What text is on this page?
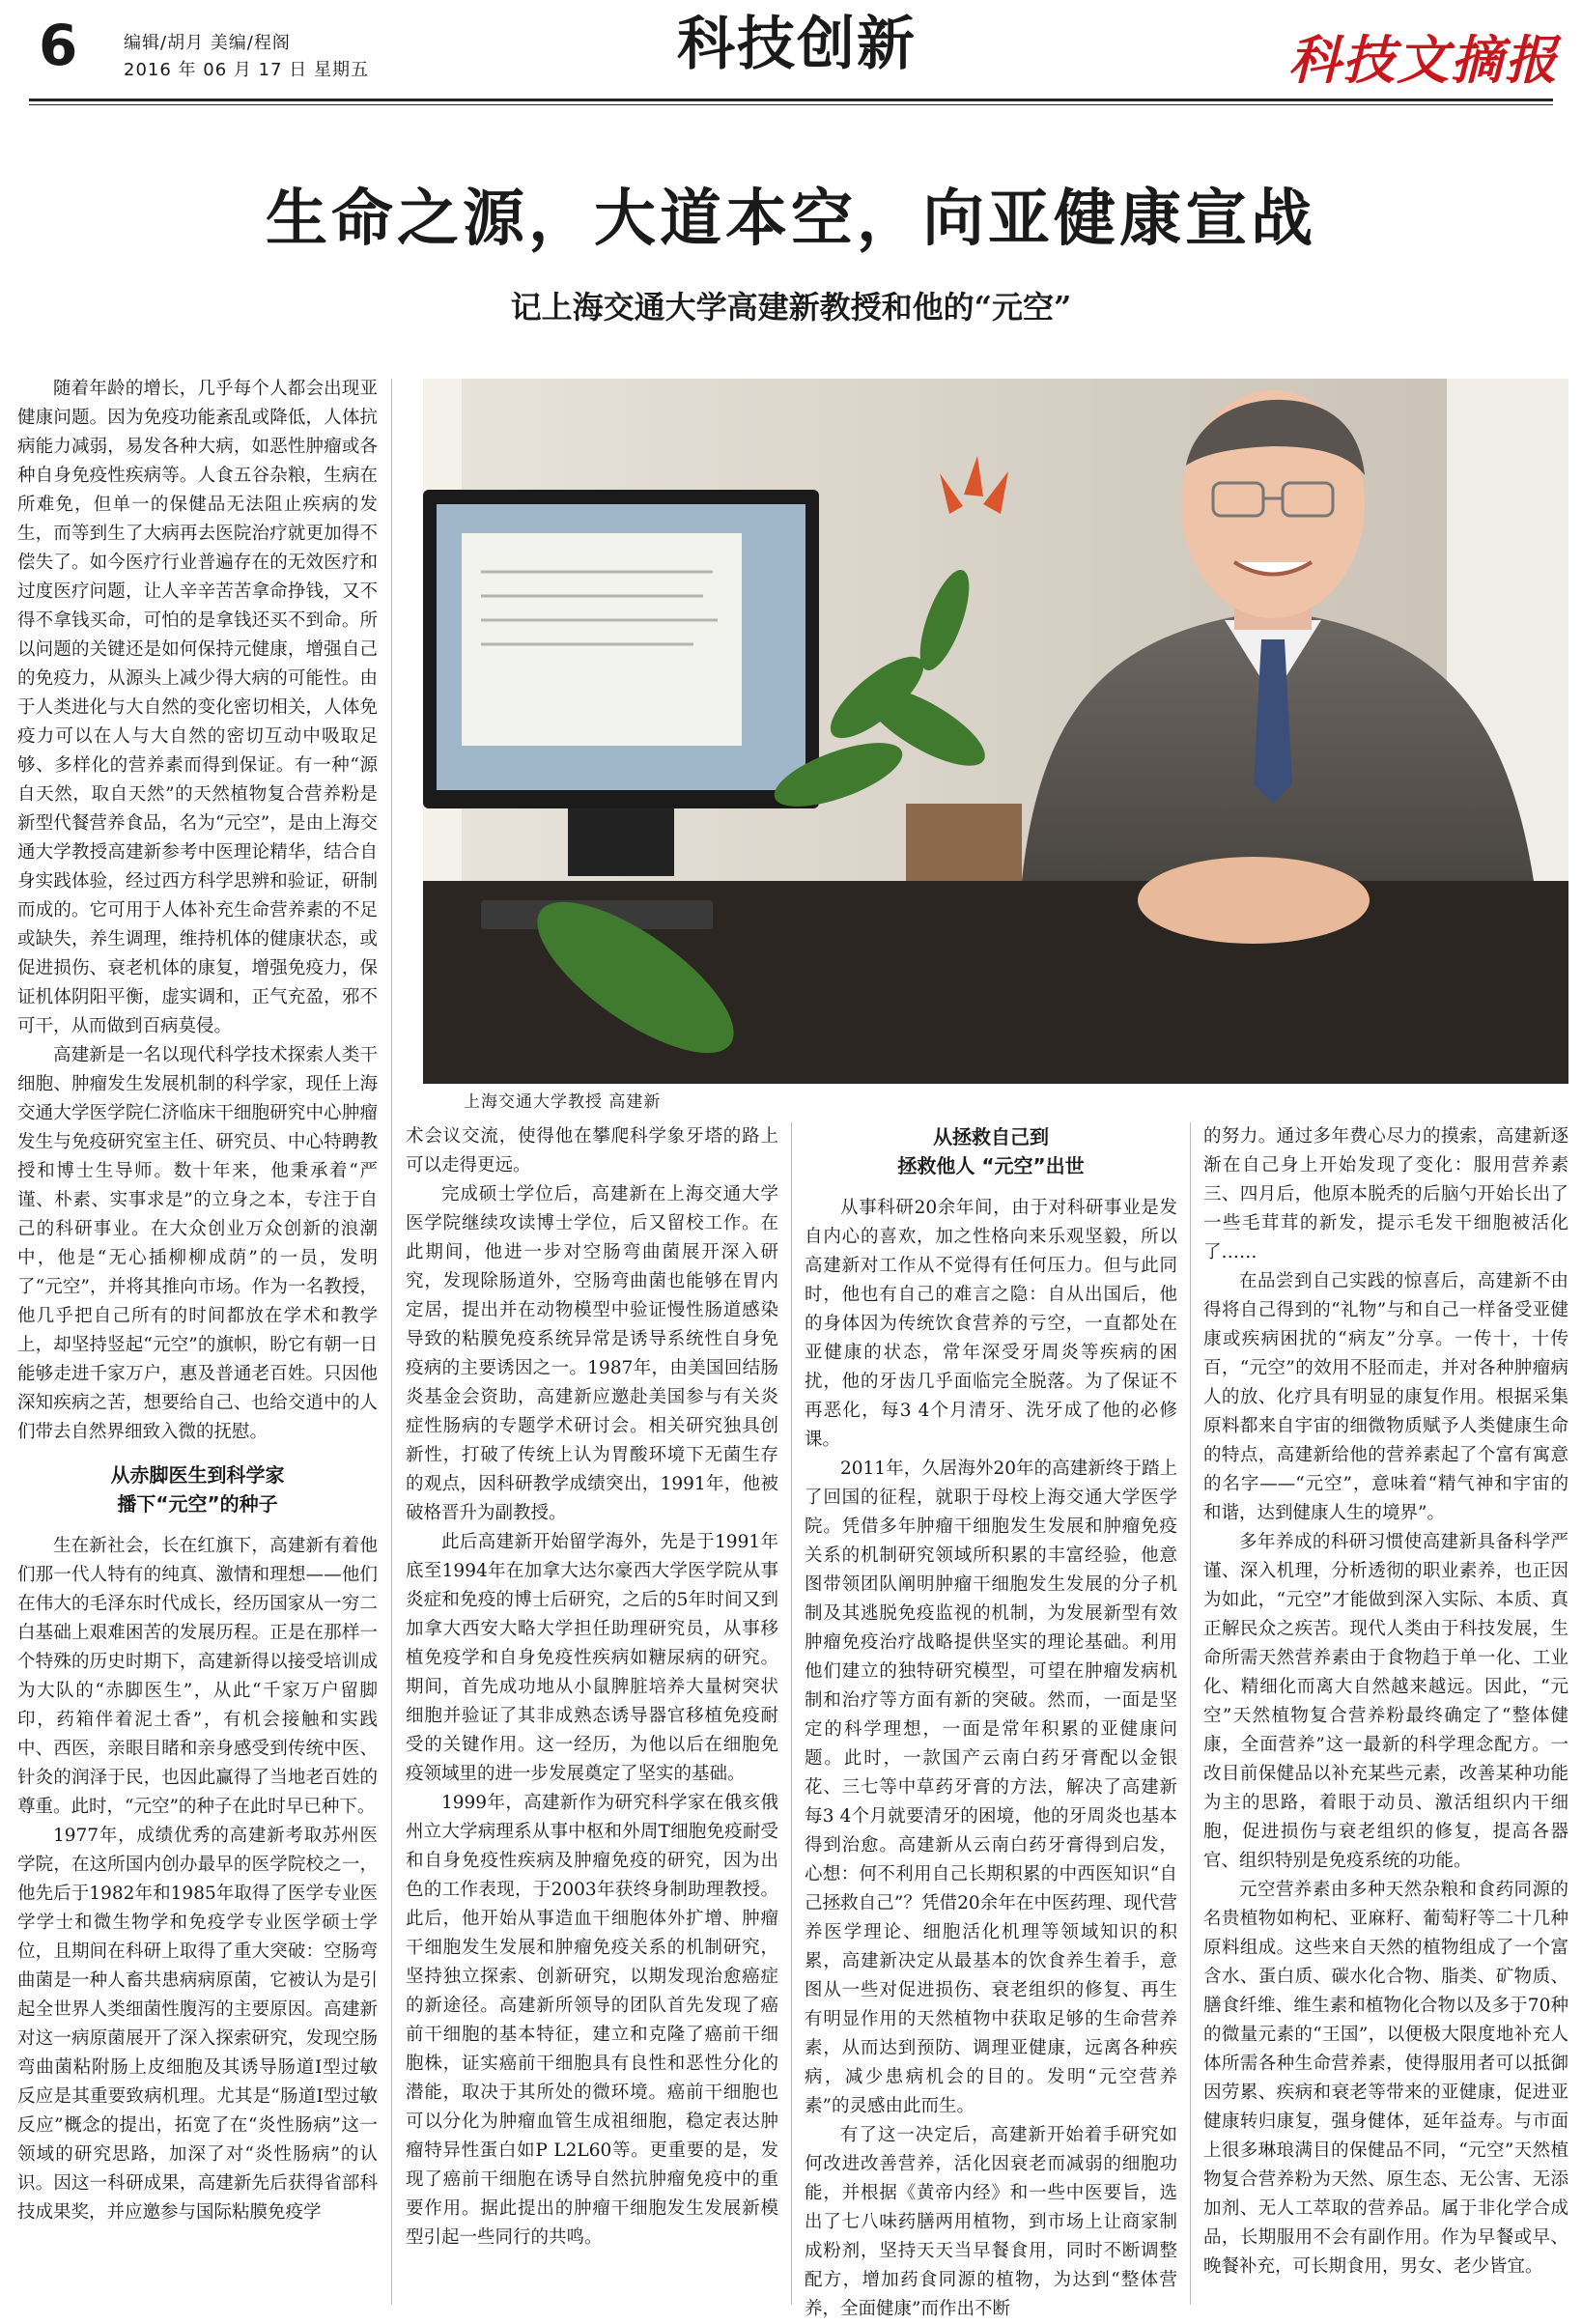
6	编辑/胡月 美编/程阁
2016 年 06 月 17 日 星期五	科技创新	科技文摘报
生命之源，大道本空，向亚健康宣战
记上海交通大学高建新教授和他的“元空”
上海交通大学教授 高建新

随着年龄的增长，几乎每个人都会出现亚健康问题。因为免疫功能紊乱或降低，人体抗病能力减弱，易发各种大病，如恶性肿瘤或各种自身免疫性疾病等。人食五谷杂粮，生病在所难免，但单一的保健品无法阻止疾病的发生，而等到生了大病再去医院治疗就更加得不偿失了。如今医疗行业普遍存在的无效医疗和过度医疗问题，让人辛辛苦苦拿命挣钱，又不得不拿钱买命，可怕的是拿钱还买不到命。所以问题的关键还是如何保持元健康，增强自己的免疫力，从源头上减少得大病的可能性。由于人类进化与大自然的变化密切相关，人体免疫力可以在人与大自然的密切互动中吸取足够、多样化的营养素而得到保证。有一种“源自天然，取自天然”的天然植物复合营养粉是新型代餐营养食品，名为“元空”，是由上海交通大学教授高建新参考中医理论精华，结合自身实践体验，经过西方科学思辨和验证，研制而成的。它可用于人体补充生命营养素的不足或缺失，养生调理，维持机体的健康状态，或促进损伤、衰老机体的康复，增强免疫力，保证机体阴阳平衡，虚实调和，正气充盈，邪不可干，从而做到百病莫侵。

高建新是一名以现代科学技术探索人类干细胞、肿瘤发生发展机制的科学家，现任上海交通大学医学院仁济临床干细胞研究中心肿瘤发生与免疫研究室主任、研究员、中心特聘教授和博士生导师。数十年来，他秉承着“严谨、朴素、实事求是”的立身之本，专注于自己的科研事业。在大众创业万众创新的浪潮中，他是“无心插柳柳成荫”的一员，发明了“元空”，并将其推向市场。作为一名教授，他几乎把自己所有的时间都放在学术和教学上，却坚持竖起“元空”的旗帜，盼它有朝一日能够走进千家万户，惠及普通老百姓。只因他深知疾病之苦，想要给自己、也给交逍中的人们带去自然界细致入微的抚慰。

从赤脚医生到科学家
播下“元空”的种子

生在新社会，长在红旗下，高建新有着他们那一代人特有的纯真、激情和理想——他们在伟大的毛泽东时代成长，经历国家从一穷二白基础上艰难困苦的发展历程。正是在那样一个特殊的历史时期下，高建新得以接受培训成为大队的“赤脚医生”，从此“千家万户留脚印，药箱伴着泥土香”，有机会接触和实践中、西医，亲眼目睹和亲身感受到传统中医、针灸的润泽于民，也因此赢得了当地老百姓的尊重。此时，“元空”的种子在此时早已种下。

1977年，成绩优秀的高建新考取苏州医学院，在这所国内创办最早的医学院校之一，他先后于1982年和1985年取得了医学专业医学学士和微生物学和免疫学专业医学硕士学位，且期间在科研上取得了重大突破：空肠弯曲菌是一种人畜共患病病原菌，它被认为是引起全世界人类细菌性腹泻的主要原因。高建新对这一病原菌展开了深入探索研究，发现空肠弯曲菌粘附肠上皮细胞及其诱导肠道Ⅰ型过敏反应是其重要致病机理。尤其是“肠道Ⅰ型过敏反应”概念的提出，拓宽了在“炎性肠病”这一领域的研究思路，加深了对“炎性肠病”的认识。因这一科研成果，高建新先后获得省部科技成果奖，并应邀参与国际粘膜免疫学

术会议交流，使得他在攀爬科学象牙塔的路上可以走得更远。

完成硕士学位后，高建新在上海交通大学医学院继续攻读博士学位，后又留校工作。在此期间，他进一步对空肠弯曲菌展开深入研究，发现除肠道外，空肠弯曲菌也能够在胃内定居，提出并在动物模型中验证慢性肠道感染导致的粘膜免疫系统异常是诱导系统性自身免疫病的主要诱因之一。1987年，由美国回结肠炎基金会资助，高建新应邀赴美国参与有关炎症性肠病的专题学术研讨会。相关研究独具创新性，打破了传统上认为胃酸环境下无菌生存的观点，因科研教学成绩突出，1991年，他被破格晋升为副教授。

此后高建新开始留学海外，先是于1991年底至1994年在加拿大达尔豪西大学医学院从事炎症和免疫的博士后研究，之后的5年时间又到加拿大西安大略大学担任助理研究员，从事移植免疫学和自身免疫性疾病如糖尿病的研究。期间，首先成功地从小鼠脾脏培养大量树突状细胞并验证了其非成熟态诱导器官移植免疫耐受的关键作用。这一经历，为他以后在细胞免疫领域里的进一步发展奠定了坚实的基础。

1999年，高建新作为研究科学家在俄亥俄州立大学病理系从事中枢和外周T细胞免疫耐受和自身免疫性疾病及肿瘤免疫的研究，因为出色的工作表现，于2003年获终身制助理教授。此后，他开始从事造血干细胞体外扩增、肿瘤干细胞发生发展和肿瘤免疫关系的机制研究，坚持独立探索、创新研究，以期发现治愈癌症的新途径。高建新所领导的团队首先发现了癌前干细胞的基本特征，建立和克隆了癌前干细胞株，证实癌前干细胞具有良性和恶性分化的潜能，取决于其所处的微环境。癌前干细胞也可以分化为肿瘤血管生成祖细胞，稳定表达肿瘤特异性蛋白如P L2L60等。更重要的是，发现了癌前干细胞在诱导自然抗肿瘤免疫中的重要作用。据此提出的肿瘤干细胞发生发展新模型引起一些同行的共鸣。

从拯救自己到
拯救他人 “元空”出世

从事科研20余年间，由于对科研事业是发自内心的喜欢，加之性格向来乐观坚毅，所以高建新对工作从不觉得有任何压力。但与此同时，他也有自己的难言之隐：自从出国后，他的身体因为传统饮食营养的亏空，一直都处在亚健康的状态，常年深受牙周炎等疾病的困扰，他的牙齿几乎面临完全脱落。为了保证不再恶化，每3 4个月清牙、洗牙成了他的必修课。

2011年，久居海外20年的高建新终于踏上了回国的征程，就职于母校上海交通大学医学院。凭借多年肿瘤干细胞发生发展和肿瘤免疫关系的机制研究领域所积累的丰富经验，他意图带领团队阐明肿瘤干细胞发生发展的分子机制及其逃脱免疫监视的机制，为发展新型有效肿瘤免疫治疗战略提供坚实的理论基础。利用他们建立的独特研究模型，可望在肿瘤发病机制和治疗等方面有新的突破。然而，一面是坚定的科学理想，一面是常年积累的亚健康问题。此时，一款国产云南白药牙膏配以金银花、三七等中草药牙膏的方法，解决了高建新每3 4个月就要清牙的困境，他的牙周炎也基本得到治愈。高建新从云南白药牙膏得到启发，心想：何不利用自己长期积累的中西医知识“自己拯救自己”？凭借20余年在中医药理、现代营养医学理论、细胞活化机理等领域知识的积累，高建新决定从最基本的饮食养生着手，意图从一些对促进损伤、衰老组织的修复、再生有明显作用的天然植物中获取足够的生命营养素，从而达到预防、调理亚健康，远离各种疾病，减少患病机会的目的。发明“元空营养素”的灵感由此而生。

有了这一决定后，高建新开始着手研究如何改进改善营养，活化因衰老而减弱的细胞功能，并根据《黄帝内经》和一些中医要旨，选出了七八味药膳两用植物，到市场上让商家制成粉剂，坚持天天当早餐食用，同时不断调整配方，增加药食同源的植物，为达到“整体营养，全面健康”而作出不断

的努力。通过多年费心尽力的摸索，高建新逐渐在自己身上开始发现了变化：服用营养素三、四月后，他原本脱秃的后脑勺开始长出了一些毛茸茸的新发，提示毛发干细胞被活化了……

在品尝到自己实践的惊喜后，高建新不由得将自己得到的“礼物”与和自己一样备受亚健康或疾病困扰的“病友”分享。一传十，十传百，“元空”的效用不胫而走，并对各种肿瘤病人的放、化疗具有明显的康复作用。根据采集原料都来自宇宙的细微物质赋予人类健康生命的特点，高建新给他的营养素起了个富有寓意的名字——“元空”，意味着“精气神和宇宙的和谐，达到健康人生的境界”。

多年养成的科研习惯使高建新具备科学严谨、深入机理，分析透彻的职业素养，也正因为如此，“元空”才能做到深入实际、本质、真正解民众之疾苦。现代人类由于科技发展，生命所需天然营养素由于食物趋于单一化、工业化、精细化而离大自然越来越远。因此，“元空”天然植物复合营养粉最终确定了“整体健康，全面营养”这一最新的科学理念配方。一改目前保健品以补充某些元素，改善某种功能为主的思路，着眼于动员、激活组织内干细胞，促进损伤与衰老组织的修复，提高各器官、组织特别是免疫系统的功能。

元空营养素由多种天然杂粮和食药同源的名贵植物如枸杞、亚麻籽、葡萄籽等二十几种原料组成。这些来自天然的植物组成了一个富含水、蛋白质、碳水化合物、脂类、矿物质、膳食纤维、维生素和植物化合物以及多于70种的微量元素的“王国”，以便极大限度地补充人体所需各种生命营养素，使得服用者可以抵御因劳累、疾病和衰老等带来的亚健康，促进亚健康转归康复，强身健体，延年益寿。与市面上很多琳琅满目的保健品不同，“元空”天然植物复合营养粉为天然、原生态、无公害、无添加剂、无人工萃取的营养品。属于非化学合成品，长期服用不会有副作用。作为早餐或早、晚餐补充，可长期食用，男女、老少皆宜。
